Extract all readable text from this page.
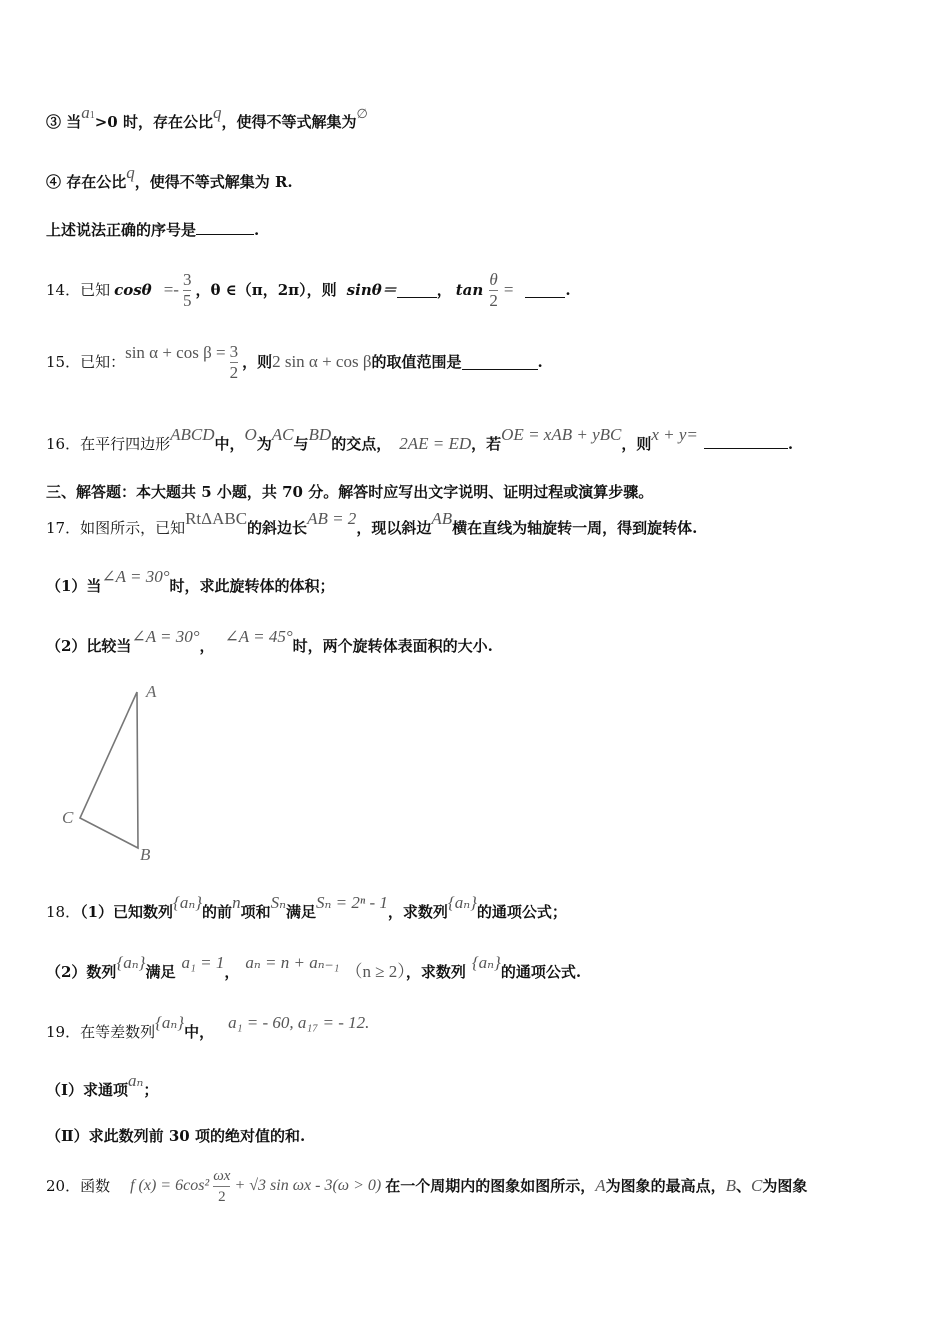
③ 当a1>0 时，存在公比q，使得不等式解集为∅
④ 存在公比q，使得不等式解集为 R.
上述说法正确的序号是	.
14．已知 $\cos\theta =- \frac{3}{5}$ ，θ ∈（π，2π），则 sinθ＝	， $\tan \frac{\theta}{2}$ =	.
15．已知： $\sin \alpha + \cos \beta = \frac{3}{2}$ ，则 2 sin α + cos β 的取值范围是	.
16．在平行四边形ABCD中，O为AC与BD的交点， 2AE = ED，若OE = xAB + yBC，则x + y=	.
三、解答题：本大题共 5 小题，共 70 分。解答时应写出文字说明、证明过程或演算步骤。
17．如图所示，已知RtΔABC的斜边长AB = 2，现以斜边AB横在直线为轴旋转一周，得到旋转体.
（1）当∠A = 30°时，求此旋转体的体积；
（2）比较当∠A = 30°， ∠A = 45°时，两个旋转体表面积的大小.
A
C
B
18．（1）已知数列{aₙ}的前n项和Sₙ满足Sₙ = 2ⁿ - 1，求数列{aₙ}的通项公式；
（2）数列{aₙ}满足 a₁ = 1， aₙ = n + aₙ₋₁ （n ≥ 2），求数列 {aₙ}的通项公式.
19．在等差数列{aₙ}中， a₁ = - 60, a₁₇ = - 12.
（Ⅰ）求通项aₙ；
（Ⅱ）求此数列前 30 项的绝对值的和.
20．函数 f $(x) = 6\cos^2 \frac{\omega x}{2} + √3$ sin ωx - 3(ω > 0) 在一个周期内的图象如图所示， A 为图象的最高点， B 、 C 为图象
